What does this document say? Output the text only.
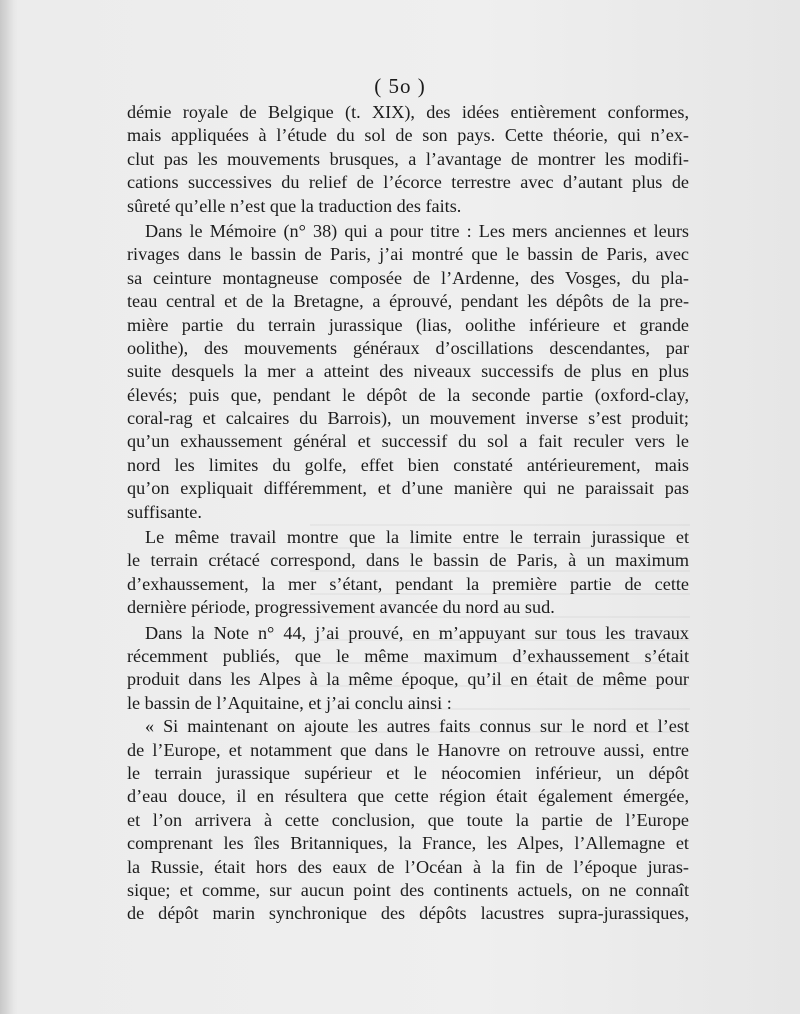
( 5o )
démie royale de Belgique (t. XIX), des idées entièrement conformes,
mais appliquées à l’étude du sol de son pays. Cette théorie, qui n’ex-
clut pas les mouvements brusques, a l’avantage de montrer les modifi-
cations successives du relief de l’écorce terrestre avec d’autant plus de
sûreté qu’elle n’est que la traduction des faits.
Dans le Mémoire (n° 38) qui a pour titre : Les mers anciennes et leurs
rivages dans le bassin de Paris, j’ai montré que le bassin de Paris, avec
sa ceinture montagneuse composée de l’Ardenne, des Vosges, du pla-
teau central et de la Bretagne, a éprouvé, pendant les dépôts de la pre-
mière partie du terrain jurassique (lias, oolithe inférieure et grande
oolithe), des mouvements généraux d’oscillations descendantes, par
suite desquels la mer a atteint des niveaux successifs de plus en plus
élevés; puis que, pendant le dépôt de la seconde partie (oxford-clay,
coral-rag et calcaires du Barrois), un mouvement inverse s’est produit;
qu’un exhaussement général et successif du sol a fait reculer vers le
nord les limites du golfe, effet bien constaté antérieurement, mais
qu’on expliquait différemment, et d’une manière qui ne paraissait pas
suffisante.
Le même travail montre que la limite entre le terrain jurassique et
le terrain crétacé correspond, dans le bassin de Paris, à un maximum
d’exhaussement, la mer s’étant, pendant la première partie de cette
dernière période, progressivement avancée du nord au sud.
Dans la Note n° 44, j’ai prouvé, en m’appuyant sur tous les travaux
récemment publiés, que le même maximum d’exhaussement s’était
produit dans les Alpes à la même époque, qu’il en était de même pour
le bassin de l’Aquitaine, et j’ai conclu ainsi :
« Si maintenant on ajoute les autres faits connus sur le nord et l’est
de l’Europe, et notamment que dans le Hanovre on retrouve aussi, entre
le terrain jurassique supérieur et le néocomien inférieur, un dépôt
d’eau douce, il en résultera que cette région était également émergée,
et l’on arrivera à cette conclusion, que toute la partie de l’Europe
comprenant les îles Britanniques, la France, les Alpes, l’Allemagne et
la Russie, était hors des eaux de l’Océan à la fin de l’époque juras-
sique; et comme, sur aucun point des continents actuels, on ne connaît
de dépôt marin synchronique des dépôts lacustres supra-jurassiques,
